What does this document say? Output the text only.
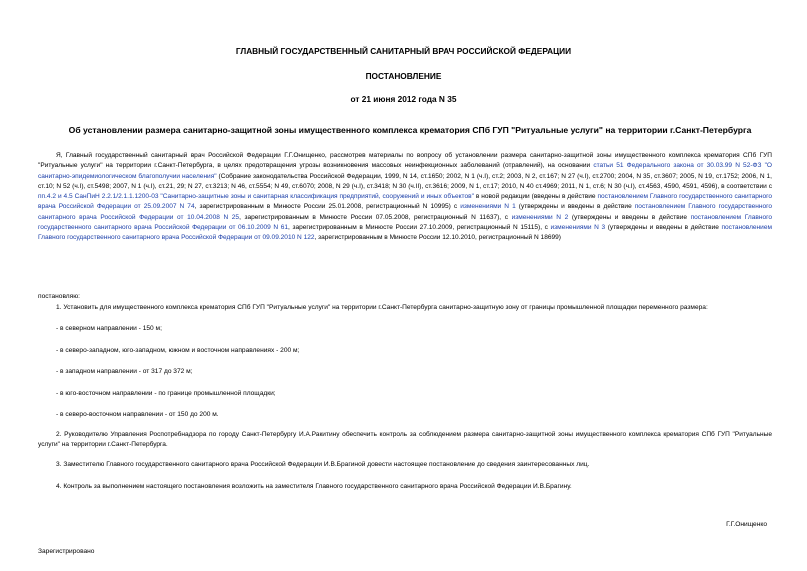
ГЛАВНЫЙ ГОСУДАРСТВЕННЫЙ САНИТАРНЫЙ ВРАЧ РОССИЙСКОЙ ФЕДЕРАЦИИ
ПОСТАНОВЛЕНИЕ
от 21 июня 2012 года N 35
Об установлении размера санитарно-защитной зоны имущественного комплекса крематория СПб ГУП "Ритуальные услуги" на территории г.Санкт-Петербурга
Я, Главный государственный санитарный врач Российской Федерации Г.Г.Онищенко, рассмотрев материалы по вопросу об установлении размера санитарно-защитной зоны имущественного комплекса крематория СПб ГУП "Ритуальные услуги" на территории г.Санкт-Петербурга, в целях предотвращения угрозы возникновения массовых неинфекционных заболеваний (отравлений), на основании статьи 51 Федерального закона от 30.03.99 N 52-ФЗ "О санитарно-эпидемиологическом благополучии населения" (Собрание законодательства Российской Федерации, 1999, N 14, ст.1650; 2002, N 1 (ч.I), ст.2; 2003, N 2, ст.167; N 27 (ч.I), ст.2700; 2004, N 35, ст.3607; 2005, N 19, ст.1752; 2006, N 1, ст.10; N 52 (ч.I), ст.5498; 2007, N 1 (ч.I), ст.21, 29; N 27, ст.3213; N 46, ст.5554; N 49, ст.6070; 2008, N 29 (ч.I), ст.3418; N 30 (ч.II), ст.3616; 2009, N 1, ст.17; 2010, N 40 ст.4969; 2011, N 1, ст.6; N 30 (ч.I), ст.4563, 4590, 4591, 4596), в соответствии с пп.4.2 и 4.5 СанПиН 2.2.1/2.1.1.1200-03 "Санитарно-защитные зоны и санитарная классификация предприятий, сооружений и иных объектов" в новой редакции (введены в действие постановлением Главного государственного санитарного врача Российской Федерации от 25.09.2007 N 74, зарегистрированным в Минюсте России 25.01.2008, регистрационный N 10995) с изменениями N 1 (утверждены и введены в действие постановлением Главного государственного санитарного врача Российской Федерации от 10.04.2008 N 25, зарегистрированным в Минюсте России 07.05.2008, регистрационный N 11637), с изменениями N 2 (утверждены и введены в действие постановлением Главного государственного санитарного врача Российской Федерации от 06.10.2009 N 61, зарегистрированным в Минюсте России 27.10.2009, регистрационный N 15115), с изменениями N 3 (утверждены и введены в действие постановлением Главного государственного санитарного врача Российской Федерации от 09.09.2010 N 122, зарегистрированным в Минюсте России 12.10.2010, регистрационный N 18699)
постановляю:
1. Установить для имущественного комплекса крематория СПб ГУП "Ритуальные услуги" на территории г.Санкт-Петербурга санитарно-защитную зону от границы промышленной площадки переменного размера:
- в северном направлении - 150 м;
- в северо-западном, юго-западном, южном и восточном направлениях - 200 м;
- в западном направлении - от 317 до 372 м;
- в юго-восточном направлении - по границе промышленной площадки;
- в северо-восточном направлении - от 150 до 200 м.
2. Руководителю Управления Роспотребнадзора по городу Санкт-Петербургу И.А.Ракитину обеспечить контроль за соблюдением размера санитарно-защитной зоны имущественного комплекса крематория СПб ГУП "Ритуальные услуги" на территории г.Санкт-Петербурга.
3. Заместителю Главного государственного санитарного врача Российской Федерации И.В.Брагиной довести настоящее постановление до сведения заинтересованных лиц.
4. Контроль за выполнением настоящего постановления возложить на заместителя Главного государственного санитарного врача Российской Федерации И.В.Брагину.
Г.Г.Онищенко
Зарегистрировано
